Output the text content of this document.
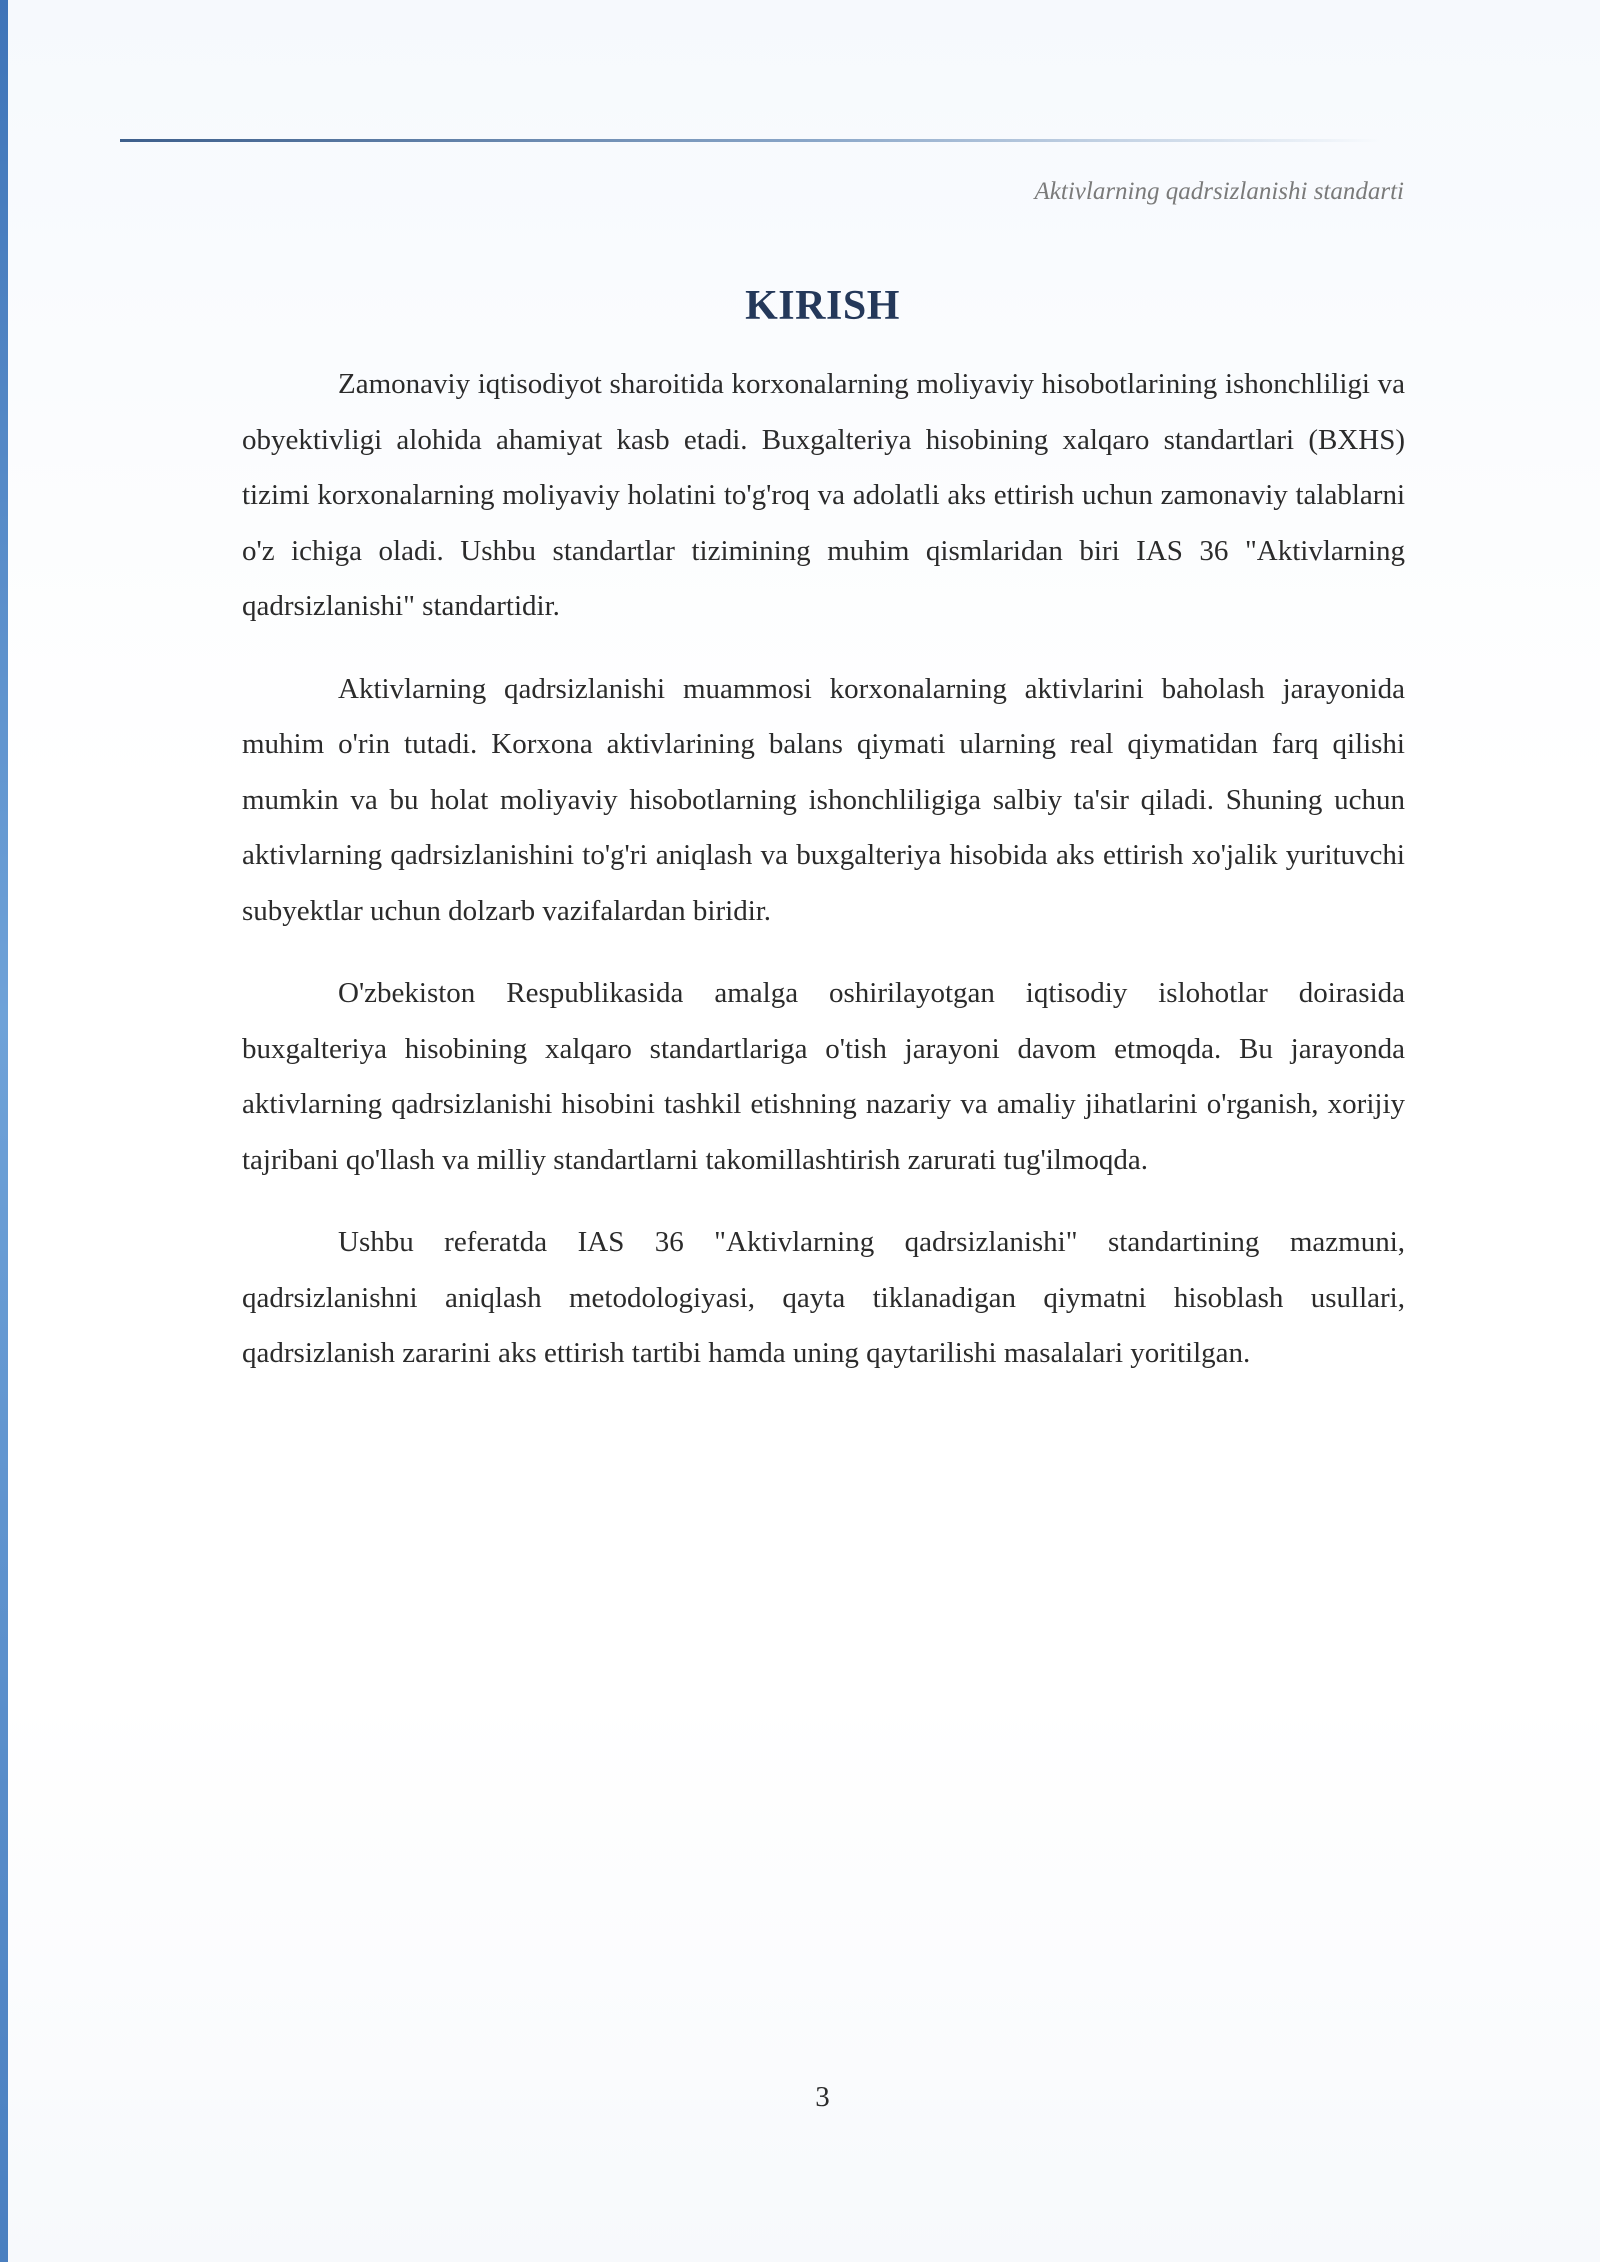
Aktivlarning qadrsizlanishi standarti
KIRISH

Zamonaviy iqtisodiyot sharoitida korxonalarning moliyaviy hisobotlarining ishonchliligi va obyektivligi alohida ahamiyat kasb etadi. Buxgalteriya hisobining xalqaro standartlari (BXHS) tizimi korxonalarning moliyaviy holatini to'g'roq va adolatli aks ettirish uchun zamonaviy talablarni o'z ichiga oladi. Ushbu standartlar tizimining muhim qismlaridan biri IAS 36 "Aktivlarning qadrsizlanishi" standartidir.

Aktivlarning qadrsizlanishi muammosi korxonalarning aktivlarini baholash jarayonida muhim o'rin tutadi. Korxona aktivlarining balans qiymati ularning real qiymatidan farq qilishi mumkin va bu holat moliyaviy hisobotlarning ishonchliligiga salbiy ta'sir qiladi. Shuning uchun aktivlarning qadrsizlanishini to'g'ri aniqlash va buxgalteriya hisobida aks ettirish xo'jalik yurituvchi subyektlar uchun dolzarb vazifalardan biridir.

O'zbekiston Respublikasida amalga oshirilayotgan iqtisodiy islohotlar doirasida buxgalteriya hisobining xalqaro standartlariga o'tish jarayoni davom etmoqda. Bu jarayonda aktivlarning qadrsizlanishi hisobini tashkil etishning nazariy va amaliy jihatlarini o'rganish, xorijiy tajribani qo'llash va milliy standartlarni takomillashtirish zarurati tug'ilmoqda.

Ushbu referatda IAS 36 "Aktivlarning qadrsizlanishi" standartining mazmuni, qadrsizlanishni aniqlash metodologiyasi, qayta tiklanadigan qiymatni hisoblash usullari, qadrsizlanish zararini aks ettirish tartibi hamda uning qaytarilishi masalalari yoritilgan.

3
